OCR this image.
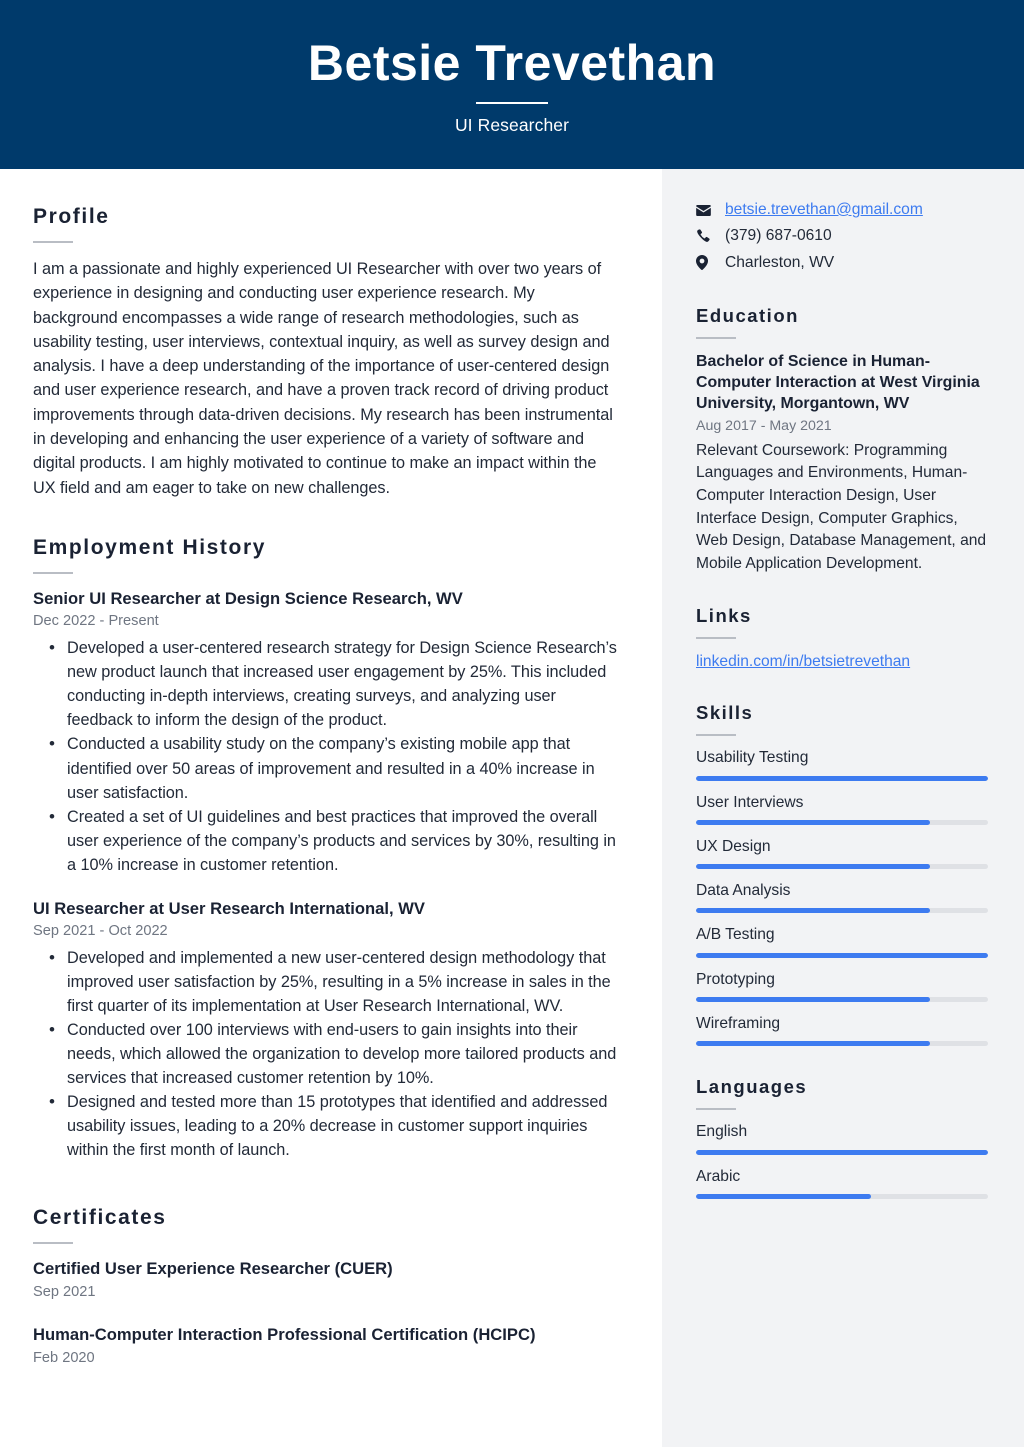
Betsie Trevethan
UI Researcher
Profile
I am a passionate and highly experienced UI Researcher with over two years of experience in designing and conducting user experience research. My background encompasses a wide range of research methodologies, such as usability testing, user interviews, contextual inquiry, as well as survey design and analysis. I have a deep understanding of the importance of user-centered design and user experience research, and have a proven track record of driving product improvements through data-driven decisions. My research has been instrumental in developing and enhancing the user experience of a variety of software and digital products. I am highly motivated to continue to make an impact within the UX field and am eager to take on new challenges.
Employment History
Senior UI Researcher at Design Science Research, WV
Dec 2022 - Present
• Developed a user-centered research strategy for Design Science Research’s new product launch that increased user engagement by 25%. This included conducting in-depth interviews, creating surveys, and analyzing user feedback to inform the design of the product.
• Conducted a usability study on the company’s existing mobile app that identified over 50 areas of improvement and resulted in a 40% increase in user satisfaction.
• Created a set of UI guidelines and best practices that improved the overall user experience of the company’s products and services by 30%, resulting in a 10% increase in customer retention.
UI Researcher at User Research International, WV
Sep 2021 - Oct 2022
• Developed and implemented a new user-centered design methodology that improved user satisfaction by 25%, resulting in a 5% increase in sales in the first quarter of its implementation at User Research International, WV.
• Conducted over 100 interviews with end-users to gain insights into their needs, which allowed the organization to develop more tailored products and services that increased customer retention by 10%.
• Designed and tested more than 15 prototypes that identified and addressed usability issues, leading to a 20% decrease in customer support inquiries within the first month of launch.
Certificates
Certified User Experience Researcher (CUER)
Sep 2021
Human-Computer Interaction Professional Certification (HCIPC)
Feb 2020
betsie.trevethan@gmail.com
(379) 687-0610
Charleston, WV
Education
Bachelor of Science in Human-Computer Interaction at West Virginia University, Morgantown, WV
Aug 2017 - May 2021
Relevant Coursework: Programming Languages and Environments, Human-Computer Interaction Design, User Interface Design, Computer Graphics, Web Design, Database Management, and Mobile Application Development.
Links
linkedin.com/in/betsietrevethan
Skills
Usability Testing
User Interviews
UX Design
Data Analysis
A/B Testing
Prototyping
Wireframing
Languages
English
Arabic
